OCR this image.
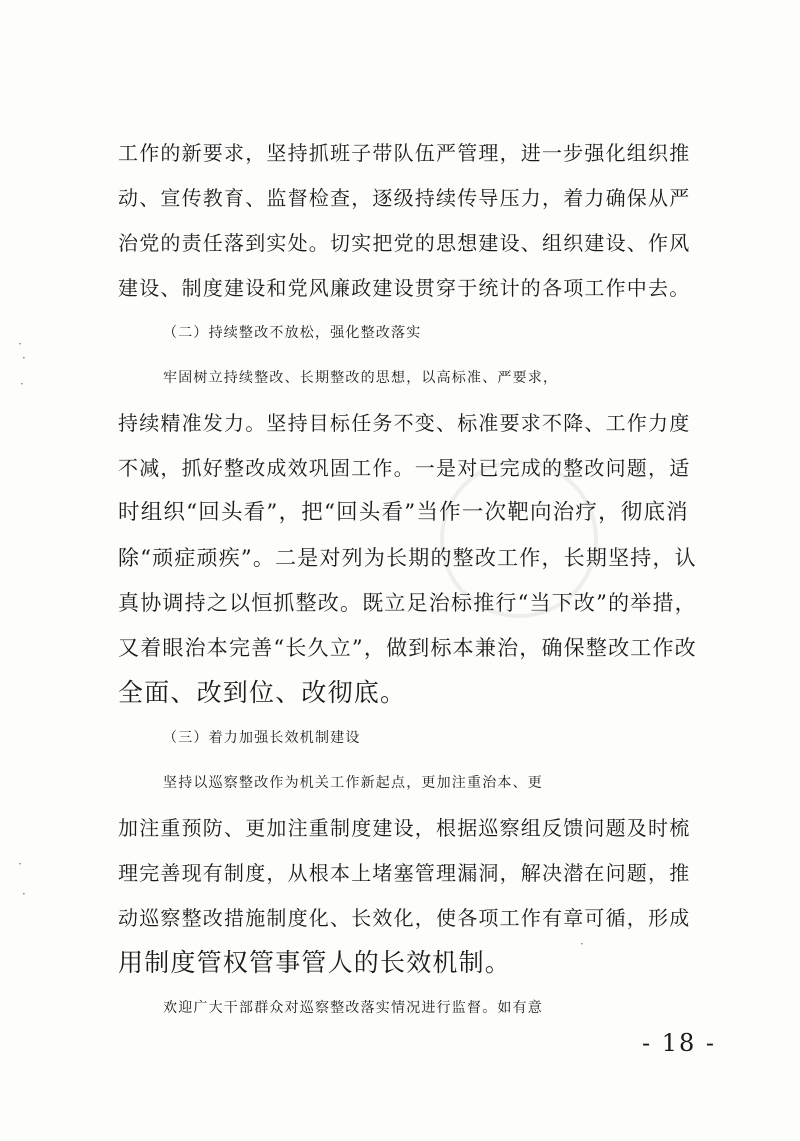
·
·
·
·
·
·
工作的新要求，坚持抓班子带队伍严管理，进一步强化组织推
动、宣传教育、监督检查，逐级持续传导压力，着力确保从严
治党的责任落到实处。切实把党的思想建设、组织建设、作风
建设、制度建设和党风廉政建设贯穿于统计的各项工作中去。
（二）持续整改不放松，强化整改落实
牢固树立持续整改、长期整改的思想，以高标准、严要求，
持续精准发力。坚持目标任务不变、标准要求不降、工作力度
不减，抓好整改成效巩固工作。一是对已完成的整改问题，适
时组织“回头看”，把“回头看”当作一次靶向治疗，彻底消
除“顽症顽疾”。二是对列为长期的整改工作，长期坚持，认
真协调持之以恒抓整改。既立足治标推行“当下改”的举措，
又着眼治本完善“长久立”，做到标本兼治，确保整改工作改
全面、改到位、改彻底。
（三）着力加强长效机制建设
坚持以巡察整改作为机关工作新起点，更加注重治本、更
加注重预防、更加注重制度建设，根据巡察组反馈问题及时梳
理完善现有制度，从根本上堵塞管理漏洞，解决潜在问题，推
动巡察整改措施制度化、长效化，使各项工作有章可循，形成
用制度管权管事管人的长效机制。
欢迎广大干部群众对巡察整改落实情况进行监督。如有意
- 18 -
